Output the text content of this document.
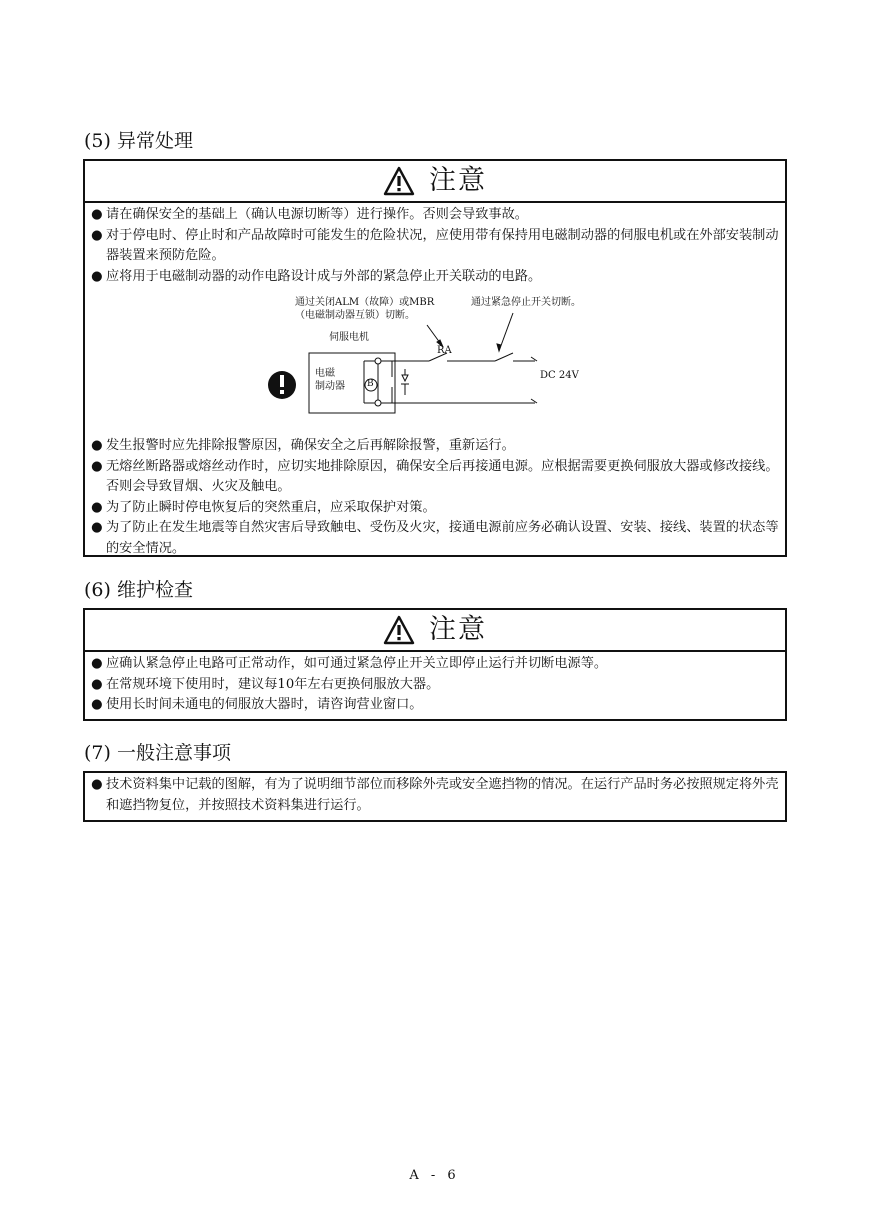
(5) 异常处理
注意
● 请在确保安全的基础上（确认电源切断等）进行操作。否则会导致事故。
● 对于停电时、停止时和产品故障时可能发生的危险状况，应使用带有保持用电磁制动器的伺服电机或在外部安装制动器装置来预防危险。
● 应将用于电磁制动器的动作电路设计成与外部的紧急停止开关联动的电路。
通过关闭ALM（故障）或MBR
（电磁制动器互锁）切断。
通过紧急停止开关切断。
伺服电机
RA
电磁
制动器 B
DC 24V
● 发生报警时应先排除报警原因，确保安全之后再解除报警，重新运行。
● 无熔丝断路器或熔丝动作时，应切实地排除原因，确保安全后再接通电源。应根据需要更换伺服放大器或修改接线。否则会导致冒烟、火灾及触电。
● 为了防止瞬时停电恢复后的突然重启，应采取保护对策。
● 为了防止在发生地震等自然灾害后导致触电、受伤及火灾，接通电源前应务必确认设置、安装、接线、装置的状态等的安全情况。
(6) 维护检查
注意
● 应确认紧急停止电路可正常动作，如可通过紧急停止开关立即停止运行并切断电源等。
● 在常规环境下使用时，建议每10年左右更换伺服放大器。
● 使用长时间未通电的伺服放大器时，请咨询营业窗口。
(7) 一般注意事项
● 技术资料集中记载的图解，有为了说明细节部位而移除外壳或安全遮挡物的情况。在运行产品时务必按照规定将外壳和遮挡物复位，并按照技术资料集进行运行。
A - 6
